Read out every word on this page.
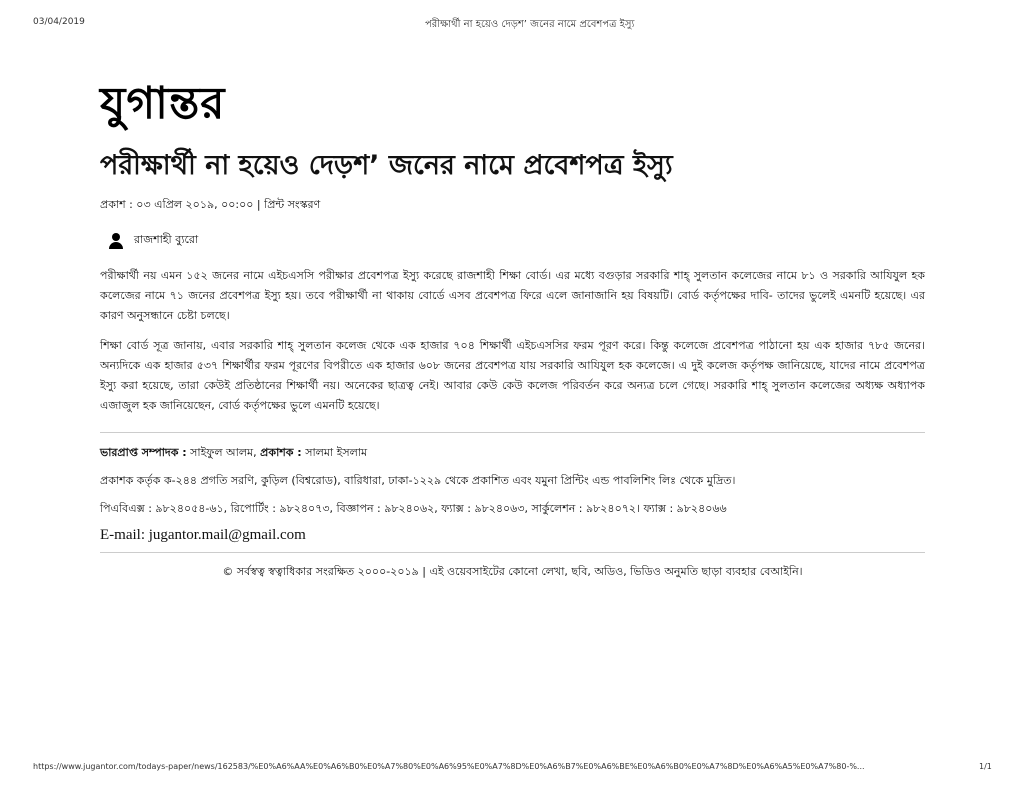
03/04/2019	পরীক্ষার্থী না হয়েও দেড়শ’ জনের নামে প্রবেশপত্র ইস্যু
যুগান্তর
পরীক্ষার্থী না হয়েও দেড়শ’ জনের নামে প্রবেশপত্র ইস্যু
প্রকাশ : ০৩ এপ্রিল ২০১৯, ০০:০০ | প্রিন্ট সংস্করণ
রাজশাহী ব্যুরো

পরীক্ষার্থী নয় এমন ১৫২ জনের নামে এইচএসসি পরীক্ষার প্রবেশপত্র ইস্যু করেছে রাজশাহী শিক্ষা বোর্ড। এর মধ্যে বগুড়ার সরকারি শাহ্ সুলতান কলেজের নামে ৮১ ও সরকারি আযিযুল হক কলেজের নামে ৭১ জনের প্রবেশপত্র ইস্যু হয়। তবে পরীক্ষার্থী না থাকায় বোর্ডে এসব প্রবেশপত্র ফিরে এলে জানাজানি হয় বিষয়টি। বোর্ড কর্তৃপক্ষের দাবি- তাদের ভুলেই এমনটি হয়েছে। এর কারণ অনুসন্ধানে চেষ্টা চলছে।

শিক্ষা বোর্ড সূত্র জানায়, এবার সরকারি শাহ্ সুলতান কলেজ থেকে এক হাজার ৭০৪ শিক্ষার্থী এইচএসসির ফরম পূরণ করে। কিন্তু কলেজে প্রবেশপত্র পাঠানো হয় এক হাজার ৭৮৫ জনের। অন্যদিকে এক হাজার ৫৩৭ শিক্ষার্থীর ফরম পূরণের বিপরীতে এক হাজার ৬০৮ জনের প্রবেশপত্র যায় সরকারি আযিযুল হক কলেজে। এ দুই কলেজ কর্তৃপক্ষ জানিয়েছে, যাদের নামে প্রবেশপত্র ইস্যু করা হয়েছে, তারা কেউই প্রতিষ্ঠানের শিক্ষার্থী নয়। অনেকের ছাত্রত্ব নেই। আবার কেউ কেউ কলেজ পরিবর্তন করে অন্যত্র চলে গেছে। সরকারি শাহ্ সুলতান কলেজের অধ্যক্ষ অধ্যাপক এজাজুল হক জানিয়েছেন, বোর্ড কর্তৃপক্ষের ভুলে এমনটি হয়েছে।

ভারপ্রাপ্ত সম্পাদক : সাইফুল আলম, প্রকাশক : সালমা ইসলাম
প্রকাশক কর্তৃক ক-২৪৪ প্রগতি সরণি, কুড়িল (বিশ্বরোড), বারিধারা, ঢাকা-১২২৯ থেকে প্রকাশিত এবং যমুনা প্রিন্টিং এন্ড পাবলিশিং লিঃ থেকে মুদ্রিত।
পিএবিএক্স : ৯৮২৪০৫৪-৬১, রিপোর্টিং : ৯৮২৪০৭৩, বিজ্ঞাপন : ৯৮২৪০৬২, ফ্যাক্স : ৯৮২৪০৬৩, সার্কুলেশন : ৯৮২৪০৭২। ফ্যাক্স : ৯৮২৪০৬৬
E-mail: jugantor.mail@gmail.com
© সর্বস্বত্ব স্বত্বাধিকার সংরক্ষিত ২০০০-২০১৯ | এই ওয়েবসাইটের কোনো লেখা, ছবি, অডিও, ভিডিও অনুমতি ছাড়া ব্যবহার বেআইনি।
https://www.jugantor.com/todays-paper/news/162583/%E0%A6%AA%E0%A6%B0%E0%A7%80%E0%A6%95%E0%A7%8D%E0%A6%B7%E0%A6%BE%E0%A6%B0%E0%A7%8D%E0%A6%A5%E0%A7%80-%...	1/1
